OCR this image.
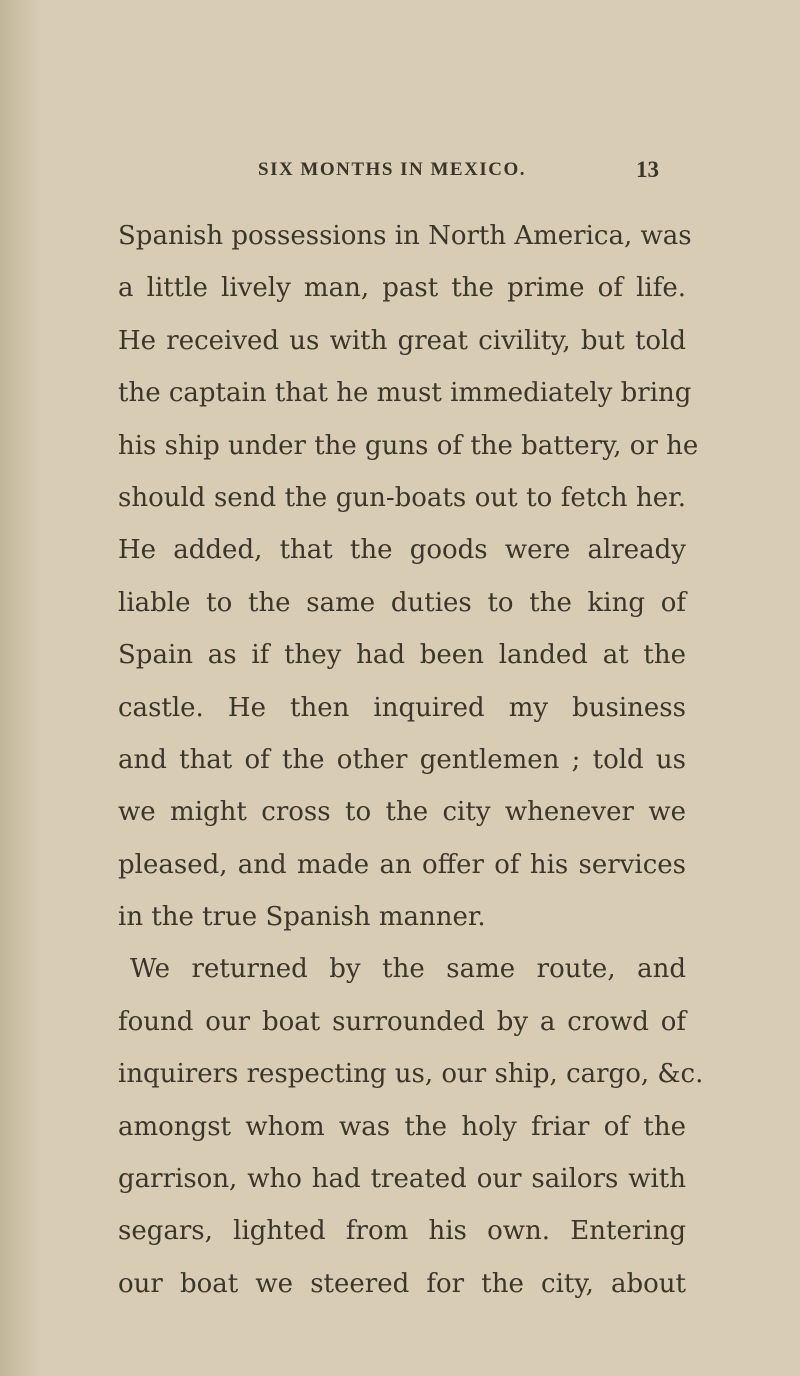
SIX MONTHS IN MEXICO.	13
Spanish possessions in North America, was
a little lively man, past the prime of life.
He received us with great civility, but told
the captain that he must immediately bring
his ship under the guns of the battery, or he
should send the gun-boats out to fetch her.
He added, that the goods were already
liable to the same duties to the king of
Spain as if they had been landed at the
castle. He then inquired my business
and that of the other gentlemen ; told us
we might cross to the city whenever we
pleased, and made an offer of his services
in the true Spanish manner.
We returned by the same route, and
found our boat surrounded by a crowd of
inquirers respecting us, our ship, cargo, &c.
amongst whom was the holy friar of the
garrison, who had treated our sailors with
segars, lighted from his own. Entering
our boat we steered for the city, about
